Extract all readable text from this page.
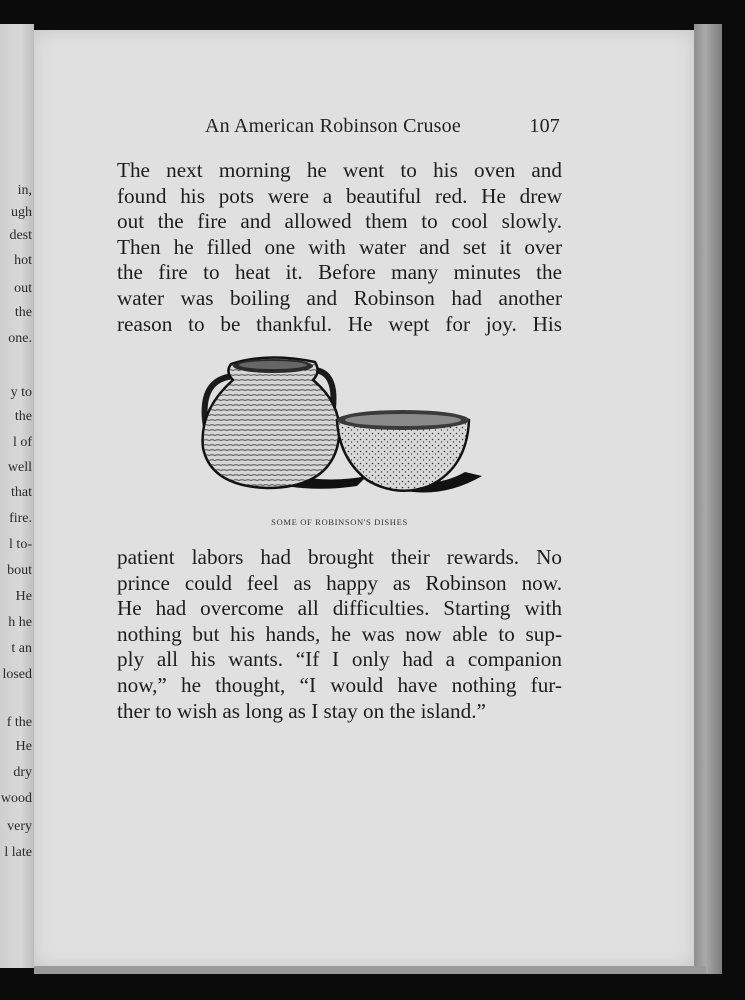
in,
ugh
dest
hot
out
the
one.
y to
the
l of
well
that
fire.
l to-
bout
He
h he
t an
losed
f the
He
dry
wood
very
l late
An American Robinson Crusoe	107
The next morning he went to his oven and
found his pots were a beautiful red. He drew
out the fire and allowed them to cool slowly.
Then he filled one with water and set it over
the fire to heat it. Before many minutes the
water was boiling and Robinson had another
reason to be thankful. He wept for joy. His
SOME OF ROBINSON'S DISHES
patient labors had brought their rewards. No
prince could feel as happy as Robinson now.
He had overcome all difficulties. Starting with
nothing but his hands, he was now able to sup-
ply all his wants. “If I only had a companion
now,” he thought, “I would have nothing fur-
ther to wish as long as I stay on the island.”
